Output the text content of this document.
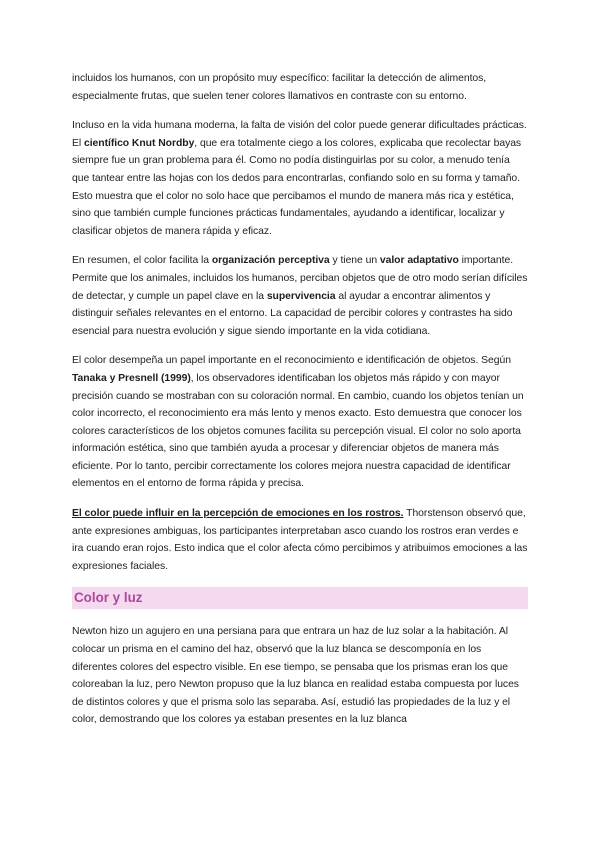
incluidos los humanos, con un propósito muy específico: facilitar la detección de alimentos, especialmente frutas, que suelen tener colores llamativos en contraste con su entorno.

Incluso en la vida humana moderna, la falta de visión del color puede generar dificultades prácticas. El científico Knut Nordby, que era totalmente ciego a los colores, explicaba que recolectar bayas siempre fue un gran problema para él. Como no podía distinguirlas por su color, a menudo tenía que tantear entre las hojas con los dedos para encontrarlas, confiando solo en su forma y tamaño. Esto muestra que el color no solo hace que percibamos el mundo de manera más rica y estética, sino que también cumple funciones prácticas fundamentales, ayudando a identificar, localizar y clasificar objetos de manera rápida y eficaz.

En resumen, el color facilita la organización perceptiva y tiene un valor adaptativo importante. Permite que los animales, incluidos los humanos, perciban objetos que de otro modo serían difíciles de detectar, y cumple un papel clave en la supervivencia al ayudar a encontrar alimentos y distinguir señales relevantes en el entorno. La capacidad de percibir colores y contrastes ha sido esencial para nuestra evolución y sigue siendo importante en la vida cotidiana.

El color desempeña un papel importante en el reconocimiento e identificación de objetos. Según Tanaka y Presnell (1999), los observadores identificaban los objetos más rápido y con mayor precisión cuando se mostraban con su coloración normal. En cambio, cuando los objetos tenían un color incorrecto, el reconocimiento era más lento y menos exacto. Esto demuestra que conocer los colores característicos de los objetos comunes facilita su percepción visual. El color no solo aporta información estética, sino que también ayuda a procesar y diferenciar objetos de manera más eficiente. Por lo tanto, percibir correctamente los colores mejora nuestra capacidad de identificar elementos en el entorno de forma rápida y precisa.

El color puede influir en la percepción de emociones en los rostros. Thorstenson observó que, ante expresiones ambiguas, los participantes interpretaban asco cuando los rostros eran verdes e ira cuando eran rojos. Esto indica que el color afecta cómo percibimos y atribuimos emociones a las expresiones faciales.

Color y luz

Newton hizo un agujero en una persiana para que entrara un haz de luz solar a la habitación. Al colocar un prisma en el camino del haz, observó que la luz blanca se descomponía en los diferentes colores del espectro visible. En ese tiempo, se pensaba que los prismas eran los que coloreaban la luz, pero Newton propuso que la luz blanca en realidad estaba compuesta por luces de distintos colores y que el prisma solo las separaba. Así, estudió las propiedades de la luz y el color, demostrando que los colores ya estaban presentes en la luz blanca
